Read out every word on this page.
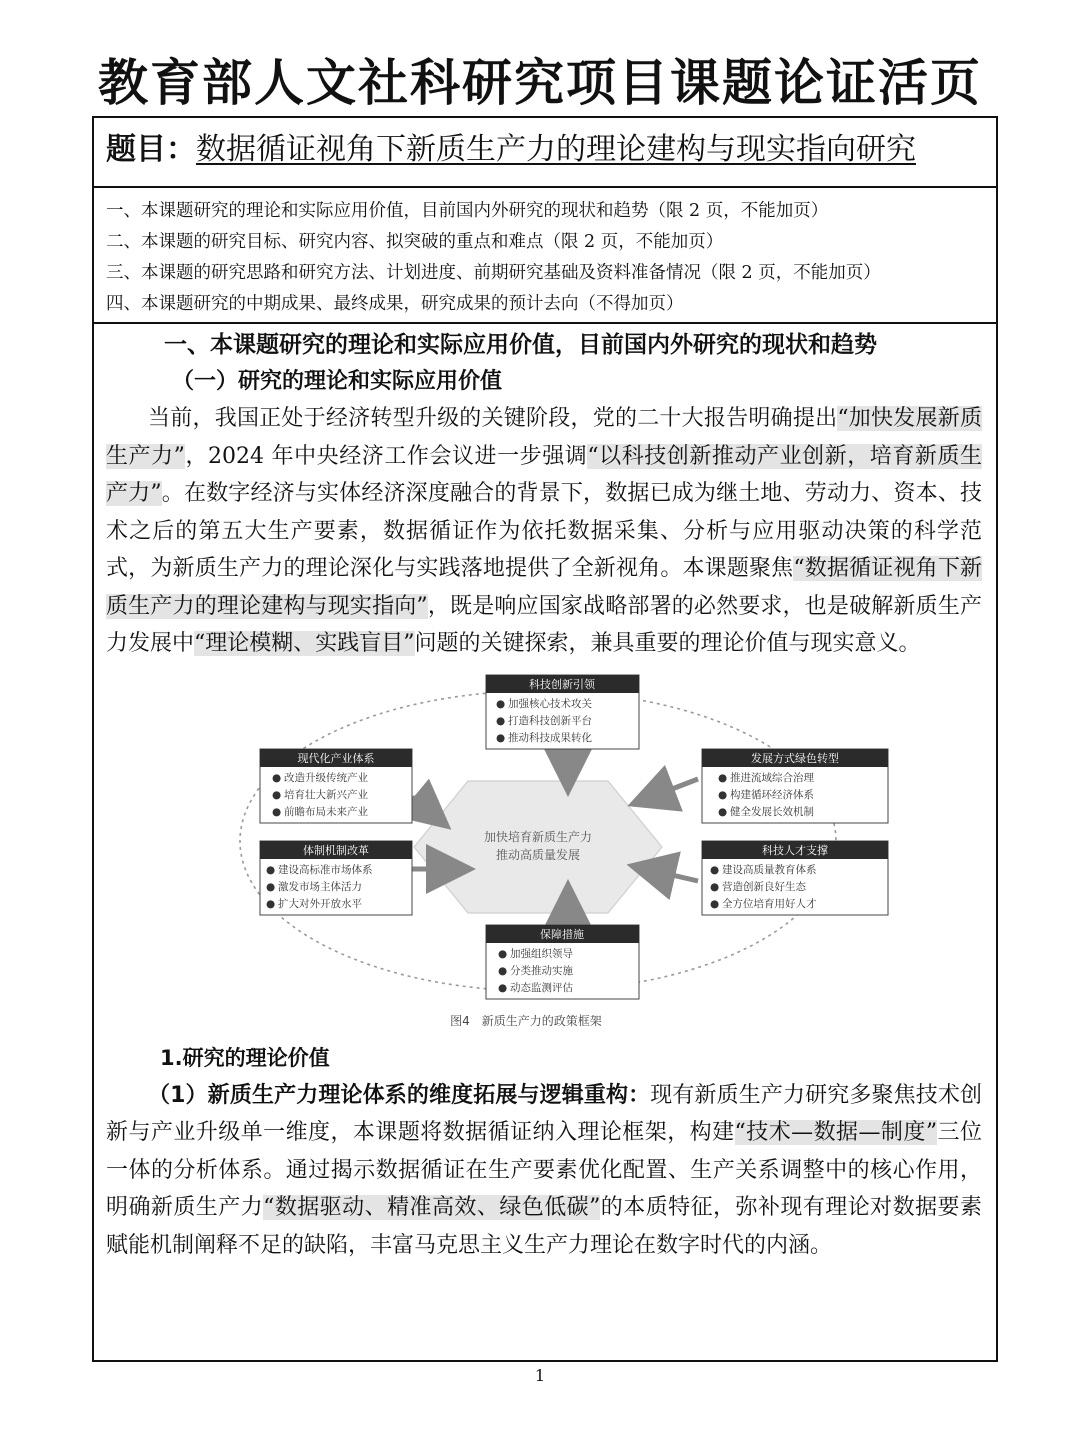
教育部人文社科研究项目课题论证活页
题目：数据循证视角下新质生产力的理论建构与现实指向研究
一、本课题研究的理论和实际应用价值，目前国内外研究的现状和趋势（限 2 页，不能加页）
二、本课题的研究目标、研究内容、拟突破的重点和难点（限 2 页，不能加页）
三、本课题的研究思路和研究方法、计划进度、前期研究基础及资料准备情况（限 2 页，不能加页）
四、本课题研究的中期成果、最终成果，研究成果的预计去向（不得加页）
一、本课题研究的理论和实际应用价值，目前国内外研究的现状和趋势
（一）研究的理论和实际应用价值

当前，我国正处于经济转型升级的关键阶段，党的二十大报告明确提出“加快发展新质生产力”，2024 年中央经济工作会议进一步强调“以科技创新推动产业创新，培育新质生产力”。在数字经济与实体经济深度融合的背景下，数据已成为继土地、劳动力、资本、技术之后的第五大生产要素，数据循证作为依托数据采集、分析与应用驱动决策的科学范式，为新质生产力的理论深化与实践落地提供了全新视角。本课题聚焦“数据循证视角下新质生产力的理论建构与现实指向”，既是响应国家战略部署的必然要求，也是破解新质生产力发展中“理论模糊、实践盲目”问题的关键探索，兼具重要的理论价值与现实意义。

加快培育新质生产力
推动高质量发展
科技创新引领
● 加强核心技术攻关
● 打造科技创新平台
● 推动科技成果转化
发展方式绿色转型
● 推进流域综合治理
● 构建循环经济体系
● 健全发展长效机制
科技人才支撑
● 建设高质量教育体系
● 营造创新良好生态
● 全方位培育用好人才
保障措施
● 加强组织领导
● 分类推动实施
● 动态监测评估
体制机制改革
● 建设高标准市场体系
● 激发市场主体活力
● 扩大对外开放水平
现代化产业体系
● 改造升级传统产业
● 培育壮大新兴产业
● 前瞻布局未来产业
图4　新质生产力的政策框架
1.研究的理论价值

（1）新质生产力理论体系的维度拓展与逻辑重构：现有新质生产力研究多聚焦技术创新与产业升级单一维度，本课题将数据循证纳入理论框架，构建“技术—数据—制度”三位一体的分析体系。通过揭示数据循证在生产要素优化配置、生产关系调整中的核心作用，明确新质生产力“数据驱动、精准高效、绿色低碳”的本质特征，弥补现有理论对数据要素赋能机制阐释不足的缺陷，丰富马克思主义生产力理论在数字时代的内涵。

1
